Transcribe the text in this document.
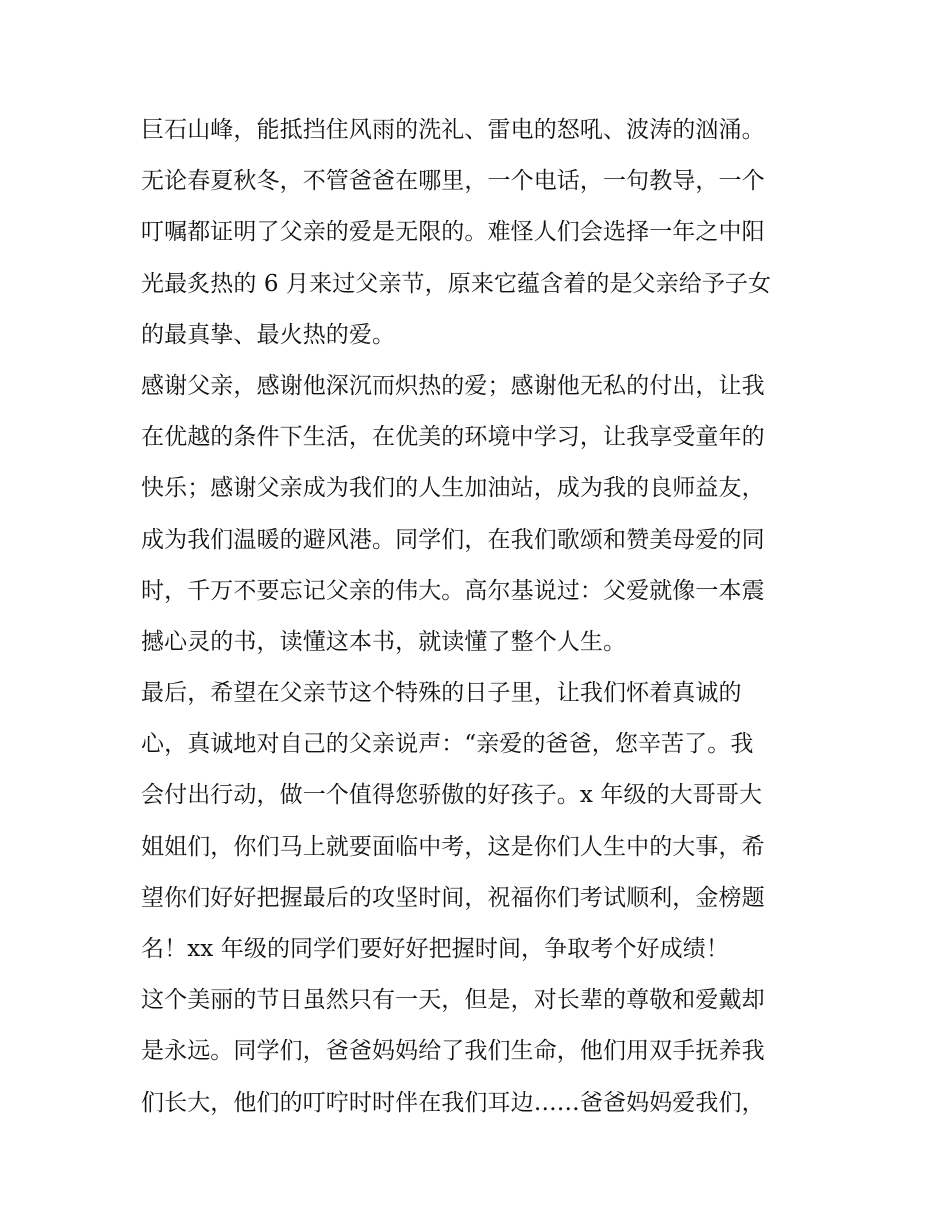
巨石山峰，能抵挡住风雨的洗礼、雷电的怒吼、波涛的汹涌。
无论春夏秋冬，不管爸爸在哪里，一个电话，一句教导，一个
叮嘱都证明了父亲的爱是无限的。难怪人们会选择一年之中阳
光最炙热的 6 月来过父亲节，原来它蕴含着的是父亲给予子女
的最真挚、最火热的爱。
感谢父亲，感谢他深沉而炽热的爱；感谢他无私的付出，让我
在优越的条件下生活，在优美的环境中学习，让我享受童年的
快乐；感谢父亲成为我们的人生加油站，成为我的良师益友，
成为我们温暖的避风港。同学们，在我们歌颂和赞美母爱的同
时，千万不要忘记父亲的伟大。高尔基说过：父爱就像一本震
撼心灵的书，读懂这本书，就读懂了整个人生。
最后，希望在父亲节这个特殊的日子里，让我们怀着真诚的
心，真诚地对自己的父亲说声：“亲爱的爸爸，您辛苦了。我
会付出行动，做一个值得您骄傲的好孩子。x 年级的大哥哥大
姐姐们，你们马上就要面临中考，这是你们人生中的大事，希
望你们好好把握最后的攻坚时间，祝福你们考试顺利，金榜题
名！xx 年级的同学们要好好把握时间，争取考个好成绩！
这个美丽的节日虽然只有一天，但是，对长辈的尊敬和爱戴却
是永远。同学们，爸爸妈妈给了我们生命，他们用双手抚养我
们长大，他们的叮咛时时伴在我们耳边……爸爸妈妈爱我们，
